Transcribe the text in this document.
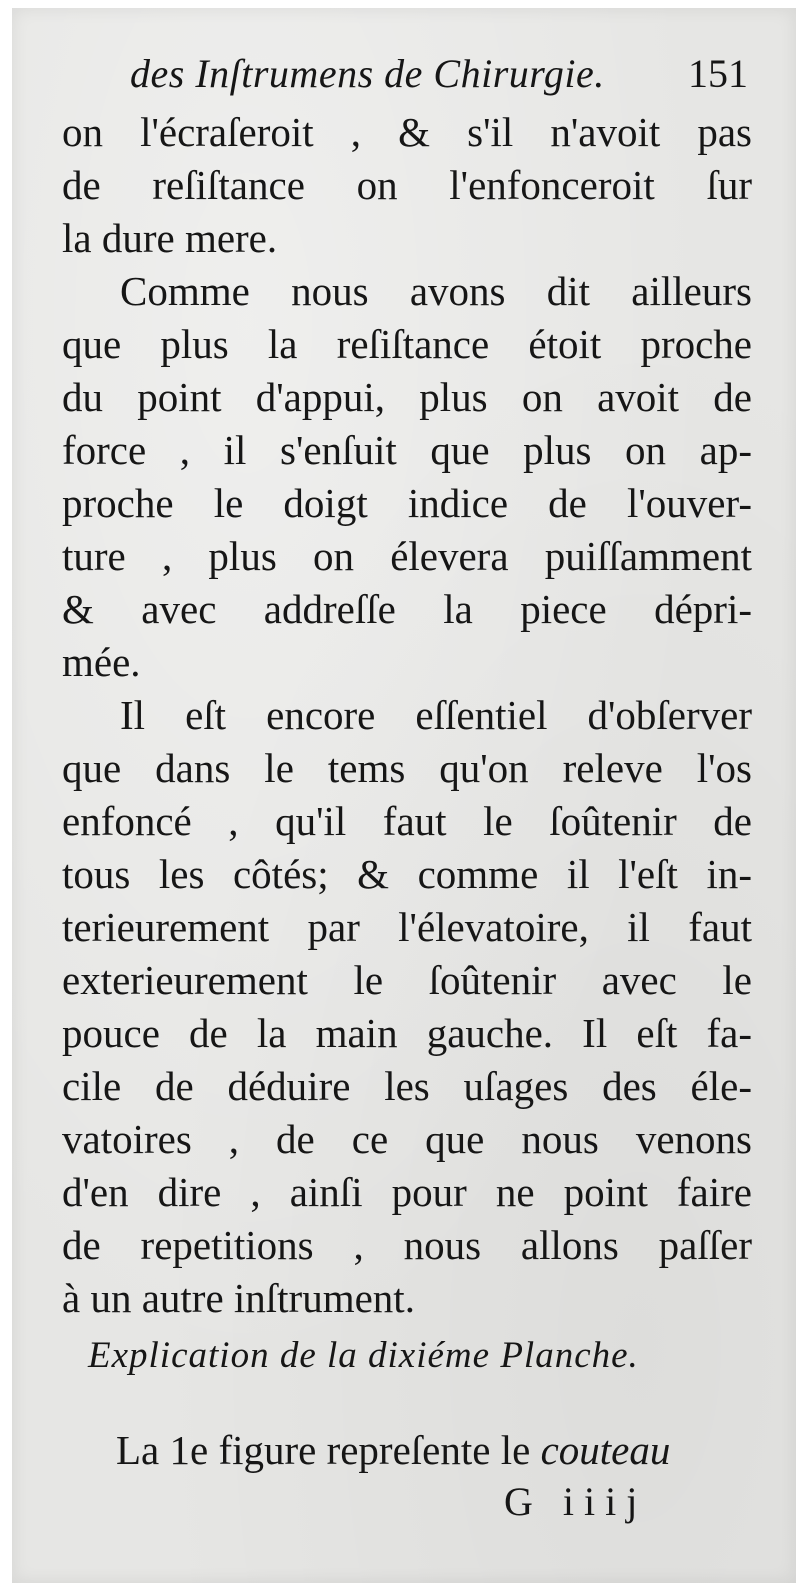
des Inſtrumens de Chirurgie. 151
on l'écraſeroit , & s'il n'avoit pas
de reſiſtance on l'enfonceroit ſur
la dure mere.
Comme nous avons dit ailleurs
que plus la reſiſtance étoit proche
du point d'appui, plus on avoit de
force , il s'enſuit que plus on ap-
proche le doigt indice de l'ouver-
ture , plus on élevera puiſſamment
& avec addreſſe la piece dépri-
mée.
Il eſt encore eſſentiel d'obſerver
que dans le tems qu'on releve l'os
enfoncé , qu'il faut le ſoûtenir de
tous les côtés; & comme il l'eſt in-
terieurement par l'élevatoire, il faut
exterieurement le ſoûtenir avec le
pouce de la main gauche. Il eſt fa-
cile de déduire les uſages des éle-
vatoires , de ce que nous venons
d'en dire , ainſi pour ne point faire
de repetitions , nous allons paſſer
à un autre inſtrument.
Explication de la dixiéme Planche.
La 1e figure repreſente le couteau
G iiij
